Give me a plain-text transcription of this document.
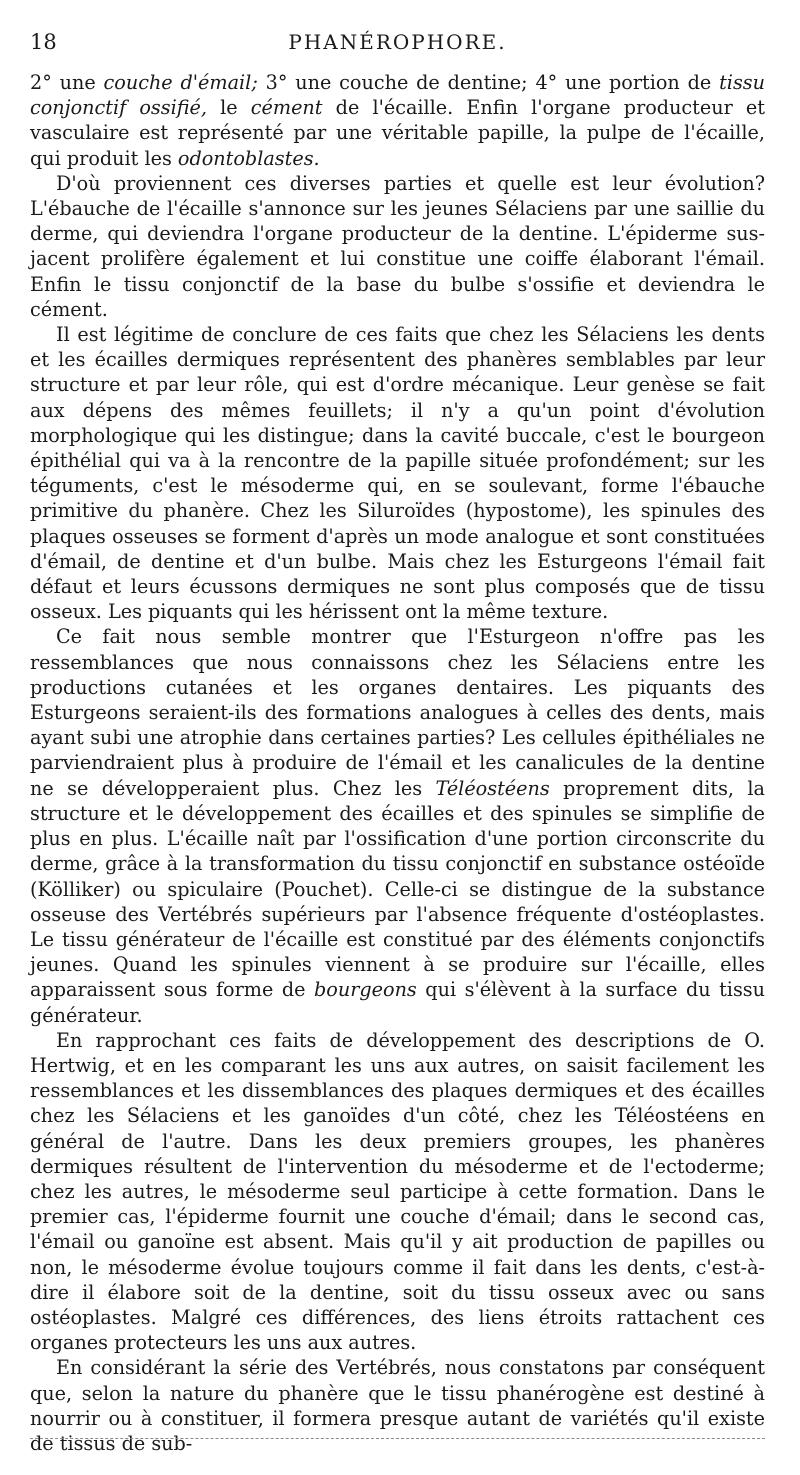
18	PHANÉROPHORE.

2° une couche d'émail; 3° une couche de dentine; 4° une portion de tissu conjonctif ossifié, le cément de l'écaille. Enfin l'organe producteur et vasculaire est représenté par une véritable papille, la pulpe de l'écaille, qui produit les odontoblastes.

D'où proviennent ces diverses parties et quelle est leur évolution? L'ébauche de l'écaille s'annonce sur les jeunes Sélaciens par une saillie du derme, qui deviendra l'organe producteur de la dentine. L'épiderme sus-jacent prolifère également et lui constitue une coiffe élaborant l'émail. Enfin le tissu conjonctif de la base du bulbe s'ossifie et deviendra le cément.

Il est légitime de conclure de ces faits que chez les Sélaciens les dents et les écailles dermiques représentent des phanères semblables par leur structure et par leur rôle, qui est d'ordre mécanique. Leur genèse se fait aux dépens des mêmes feuillets; il n'y a qu'un point d'évolution morphologique qui les distingue; dans la cavité buccale, c'est le bourgeon épithélial qui va à la rencontre de la papille située profondément; sur les téguments, c'est le mésoderme qui, en se soulevant, forme l'ébauche primitive du phanère. Chez les Siluroïdes (hypostome), les spinules des plaques osseuses se forment d'après un mode analogue et sont constituées d'émail, de dentine et d'un bulbe. Mais chez les Esturgeons l'émail fait défaut et leurs écussons dermiques ne sont plus composés que de tissu osseux. Les piquants qui les hérissent ont la même texture.

Ce fait nous semble montrer que l'Esturgeon n'offre pas les ressemblances que nous connaissons chez les Sélaciens entre les productions cutanées et les organes dentaires. Les piquants des Esturgeons seraient-ils des formations analogues à celles des dents, mais ayant subi une atrophie dans certaines parties? Les cellules épithéliales ne parviendraient plus à produire de l'émail et les canalicules de la dentine ne se développeraient plus. Chez les Téléostéens proprement dits, la structure et le développement des écailles et des spinules se simplifie de plus en plus. L'écaille naît par l'ossification d'une portion circonscrite du derme, grâce à la transformation du tissu conjonctif en substance ostéoïde (Kölliker) ou spiculaire (Pouchet). Celle-ci se distingue de la substance osseuse des Vertébrés supérieurs par l'absence fréquente d'ostéoplastes. Le tissu générateur de l'écaille est constitué par des éléments conjonctifs jeunes. Quand les spinules viennent à se produire sur l'écaille, elles apparaissent sous forme de bourgeons qui s'élèvent à la surface du tissu générateur.

En rapprochant ces faits de développement des descriptions de O. Hertwig, et en les comparant les uns aux autres, on saisit facilement les ressemblances et les dissemblances des plaques dermiques et des écailles chez les Sélaciens et les ganoïdes d'un côté, chez les Téléostéens en général de l'autre. Dans les deux premiers groupes, les phanères dermiques résultent de l'intervention du mésoderme et de l'ectoderme; chez les autres, le mésoderme seul participe à cette formation. Dans le premier cas, l'épiderme fournit une couche d'émail; dans le second cas, l'émail ou ganoïne est absent. Mais qu'il y ait production de papilles ou non, le mésoderme évolue toujours comme il fait dans les dents, c'est-à-dire il élabore soit de la dentine, soit du tissu osseux avec ou sans ostéoplastes. Malgré ces différences, des liens étroits rattachent ces organes protecteurs les uns aux autres.

En considérant la série des Vertébrés, nous constatons par conséquent que, selon la nature du phanère que le tissu phanérogène est destiné à nourrir ou à constituer, il formera presque autant de variétés qu'il existe de tissus de sub-
